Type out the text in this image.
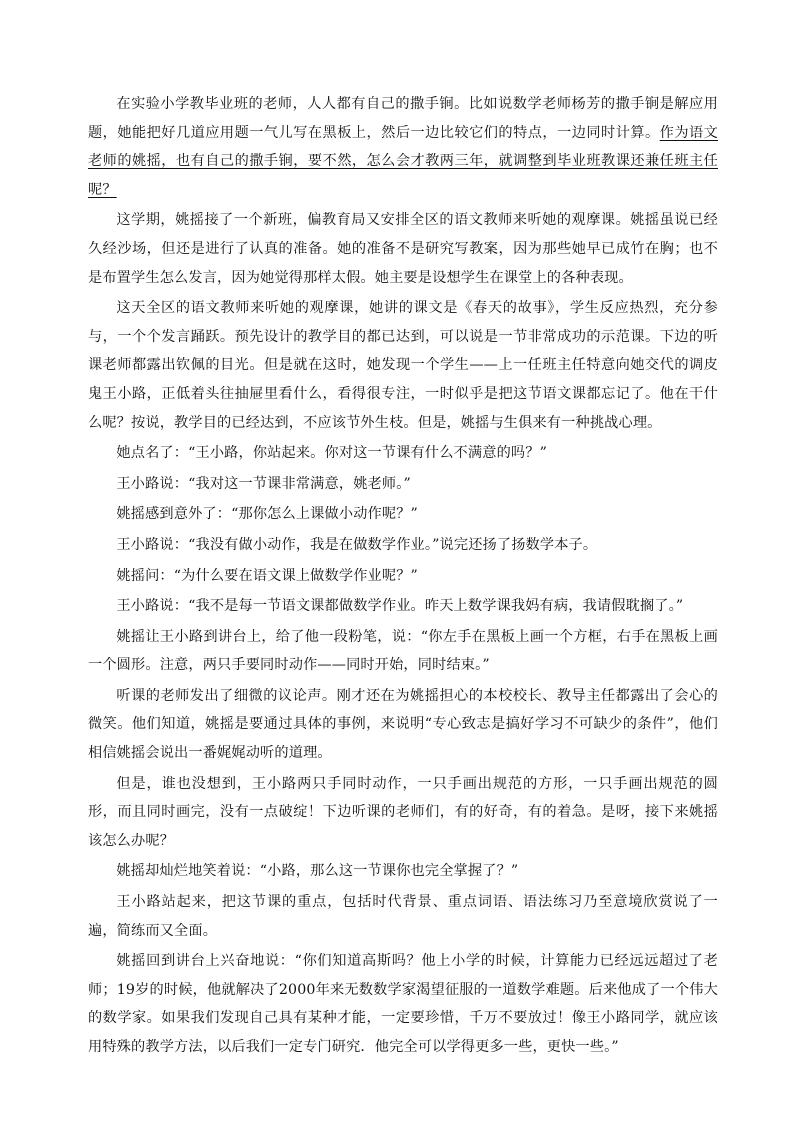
在实验小学教毕业班的老师，人人都有自己的撒手锏。比如说数学老师杨芳的撒手锏是解应用题，她能把好几道应用题一气儿写在黑板上，然后一边比较它们的特点，一边同时计算。作为语文老师的姚摇，也有自己的撒手锏，要不然，怎么会才教两三年，就调整到毕业班教课还兼任班主任呢？

这学期，姚摇接了一个新班，偏教育局又安排全区的语文教师来听她的观摩课。姚摇虽说已经久经沙场，但还是进行了认真的准备。她的准备不是研究写教案，因为那些她早已成竹在胸；也不是布置学生怎么发言，因为她觉得那样太假。她主要是设想学生在课堂上的各种表现。

这天全区的语文教师来听她的观摩课，她讲的课文是《春天的故事》，学生反应热烈，充分参与，一个个发言踊跃。预先设计的教学目的都已达到，可以说是一节非常成功的示范课。下边的听课老师都露出钦佩的目光。但是就在这时，她发现一个学生——上一任班主任特意向她交代的调皮鬼王小路，正低着头往抽屉里看什么，看得很专注，一时似乎是把这节语文课都忘记了。他在干什么呢？按说，教学目的已经达到，不应该节外生枝。但是，姚摇与生俱来有一种挑战心理。

她点名了：“王小路，你站起来。你对这一节课有什么不满意的吗？”

王小路说：“我对这一节课非常满意，姚老师。”

姚摇感到意外了：“那你怎么上课做小动作呢？”

王小路说：“我没有做小动作，我是在做数学作业。”说完还扬了扬数学本子。

姚摇问：“为什么要在语文课上做数学作业呢？”

王小路说：“我不是每一节语文课都做数学作业。昨天上数学课我妈有病，我请假耽搁了。”

姚摇让王小路到讲台上，给了他一段粉笔，说：“你左手在黑板上画一个方框，右手在黑板上画一个圆形。注意，两只手要同时动作——同时开始，同时结束。”

听课的老师发出了细微的议论声。刚才还在为姚摇担心的本校校长、教导主任都露出了会心的微笑。他们知道，姚摇是要通过具体的事例，来说明“专心致志是搞好学习不可缺少的条件”，他们相信姚摇会说出一番娓娓动听的道理。

但是，谁也没想到，王小路两只手同时动作，一只手画出规范的方形，一只手画出规范的圆形，而且同时画完，没有一点破绽！下边听课的老师们，有的好奇，有的着急。是呀，接下来姚摇该怎么办呢？

姚摇却灿烂地笑着说：“小路，那么这一节课你也完全掌握了？”

王小路站起来，把这节课的重点，包括时代背景、重点词语、语法练习乃至意境欣赏说了一遍，简练而又全面。

姚摇回到讲台上兴奋地说：“你们知道高斯吗？他上小学的时候，计算能力已经远远超过了老师；19岁的时候，他就解决了2000年来无数数学家渴望征服的一道数学难题。后来他成了一个伟大的数学家。如果我们发现自己具有某种才能，一定要珍惜，千万不要放过！像王小路同学，就应该用特殊的教学方法，以后我们一定专门研究．他完全可以学得更多一些，更快一些。”
